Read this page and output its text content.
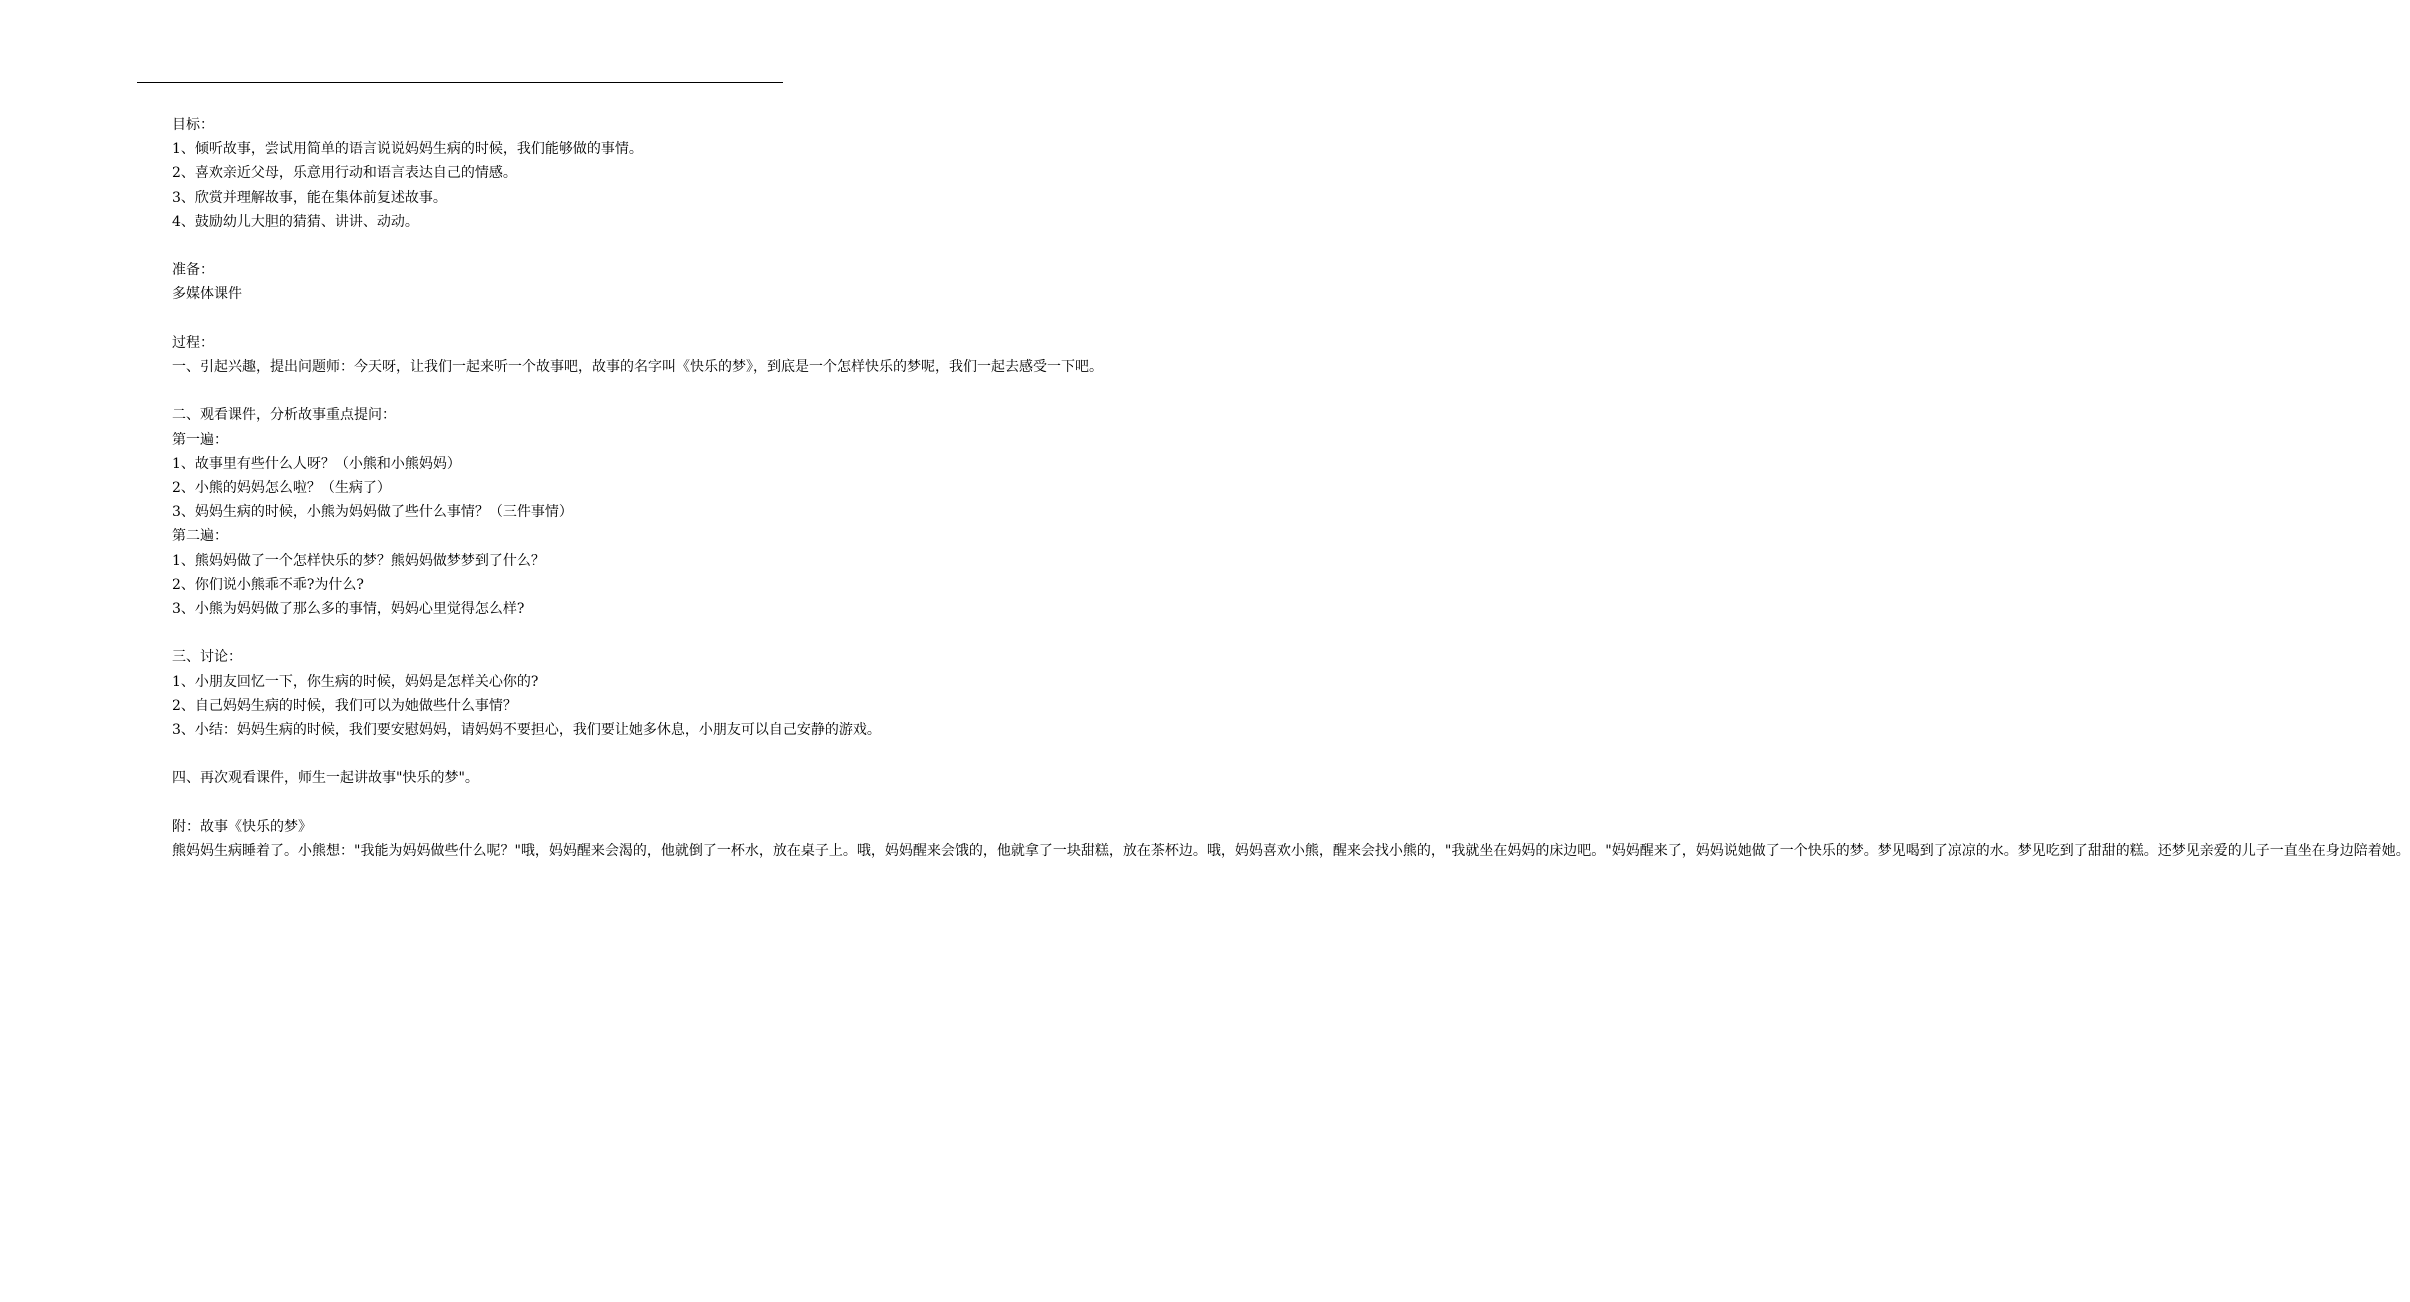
目标：

1、倾听故事，尝试用简单的语言说说妈妈生病的时候，我们能够做的事情。

2、喜欢亲近父母，乐意用行动和语言表达自己的情感。

3、欣赏并理解故事，能在集体前复述故事。

4、鼓励幼儿大胆的猜猜、讲讲、动动。

准备：

多媒体课件

过程：

一、引起兴趣，提出问题师：今天呀，让我们一起来听一个故事吧，故事的名字叫《快乐的梦》，到底是一个怎样快乐的梦呢，我们一起去感受一下吧。

二、观看课件，分析故事重点提问：

第一遍：

1、故事里有些什么人呀？（小熊和小熊妈妈）

2、小熊的妈妈怎么啦？（生病了）

3、妈妈生病的时候，小熊为妈妈做了些什么事情？（三件事情）

第二遍：

1、熊妈妈做了一个怎样快乐的梦？熊妈妈做梦梦到了什么？

2、你们说小熊乖不乖?为什么?

3、小熊为妈妈做了那么多的事情，妈妈心里觉得怎么样?

三、讨论：

1、小朋友回忆一下，你生病的时候，妈妈是怎样关心你的?

2、自己妈妈生病的时候，我们可以为她做些什么事情？

3、小结：妈妈生病的时候，我们要安慰妈妈，请妈妈不要担心，我们要让她多休息，小朋友可以自己安静的游戏。

四、再次观看课件，师生一起讲故事"快乐的梦"。

附：故事《快乐的梦》

熊妈妈生病睡着了。小熊想："我能为妈妈做些什么呢？"哦，妈妈醒来会渴的，他就倒了一杯水，放在桌子上。哦，妈妈醒来会饿的，他就拿了一块甜糕，放在茶杯边。哦，妈妈喜欢小熊，醒来会找小熊的，"我就坐在妈妈的床边吧。"妈妈醒来了，妈妈说她做了一个快乐的梦。梦见喝到了凉凉的水。梦见吃到了甜甜的糕。还梦见亲爱的儿子一直坐在身边陪着她。
